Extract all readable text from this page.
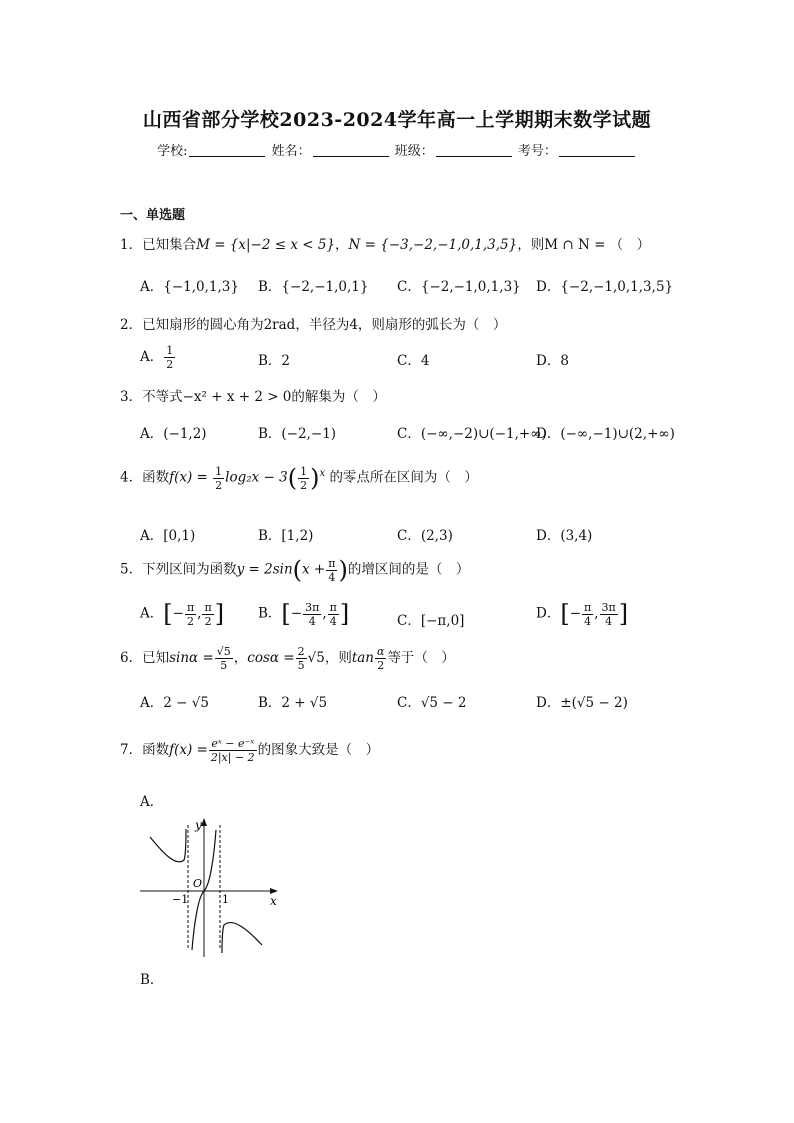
山西省部分学校2023-2024学年高一上学期期末数学试题
学校:	姓名：	班级：	考号：
一、单选题
1．已知集合M = {x|−2 ≤ x < 5}，N = {−3,−2,−1,0,1,3,5}，则M ∩ N = （　）
A．{−1,0,1,3} B．{−2,−1,0,1} C．{−2,−1,0,1,3} D．{−2,−1,0,1,3,5}
2．已知扇形的圆心角为2rad，半径为4，则扇形的弧长为（　）
A． $\frac{1}{2}$	B．2	C．4	D．8
3．不等式−x² + x + 2 > 0的解集为（　）
A．(−1,2)	B．(−2,−1)	C．(−∞,−2)∪(−1,+∞)
D．(−∞,−1)∪(2,+∞)
4．函数$f(x) = \frac{1}{2} \log_2x - 3( \frac{1}{2} )^x$ 的零点所在区间为（　）
A．[0,1)	B．[1,2)	C．(2,3)	D．(3,4)
5．下列区间为函数$y = 2\sin(x + \frac{\pi}{4}$ )的增区间的是（　）
A．[− $\frac{\pi}{2}$ , $\frac{\pi}{2}$ ]	B．[− $\frac{3\pi}{4}$ , $\frac{\pi}{4}$ ]	C．[−π,0]	D．[− $\frac{\pi}{4}$ , $\frac{3\pi}{4}$ ]
6．已知$\sin\alpha = \frac{√5}{5}$ ，$\cos\alpha = \frac{2}{5} √5$，则$\tan \frac{\alpha}{2}$ 等于（　）
A．2 − √5	B．2 + √5	C．√5 − 2	D．±(√5 − 2)
7．函数$f(x) = \frac{\text{eˣ − e⁻ˣ}}{2|x| - 2}$ 的图象大致是（　）
A．
y
x
O
−1	1
B．
